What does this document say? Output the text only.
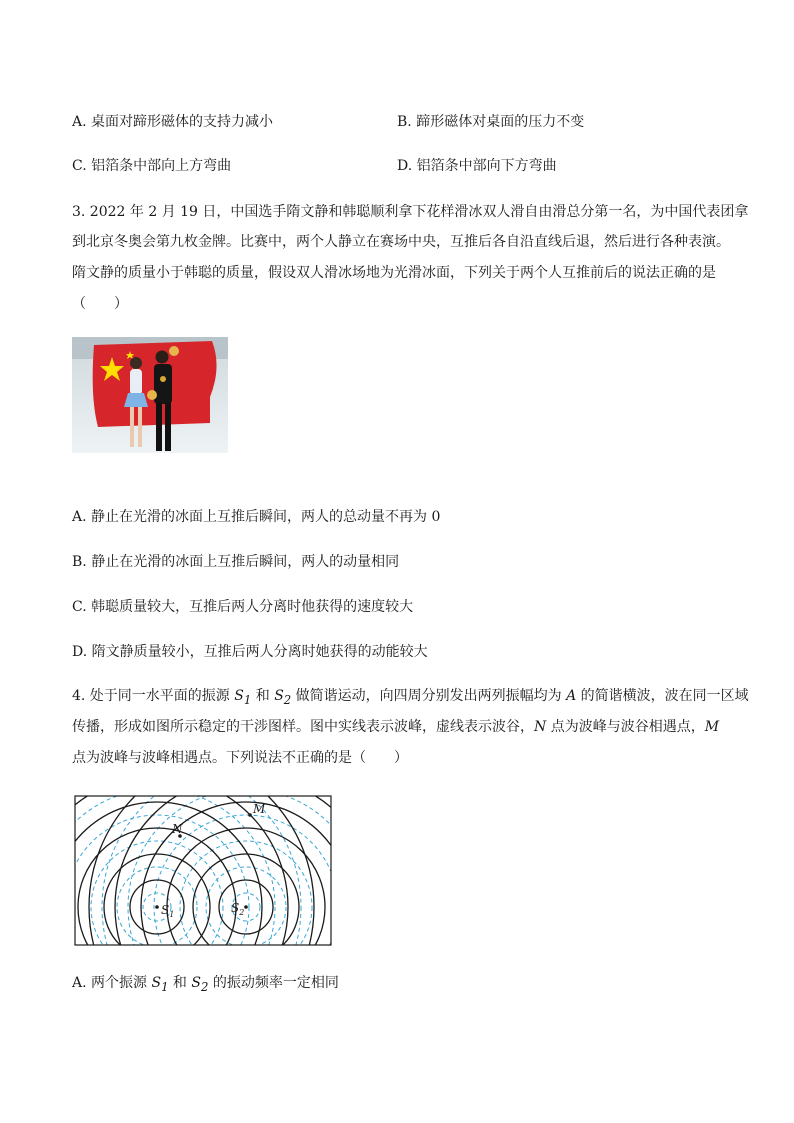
A. 桌面对蹄形磁体的支持力减小	B. 蹄形磁体对桌面的压力不变
C. 铝箔条中部向上方弯曲	D. 铝箔条中部向下方弯曲
3. 2022 年 2 月 19 日，中国选手隋文静和韩聪顺利拿下花样滑冰双人滑自由滑总分第一名，为中国代表团拿
到北京冬奥会第九枚金牌。比赛中，两个人静立在赛场中央，互推后各自沿直线后退，然后进行各种表演。
隋文静的质量小于韩聪的质量，假设双人滑冰场地为光滑冰面，下列关于两个人互推前后的说法正确的是
（　　）
A. 静止在光滑的冰面上互推后瞬间，两人的总动量不再为 0
B. 静止在光滑的冰面上互推后瞬间，两人的动量相同
C. 韩聪质量较大，互推后两人分离时他获得的速度较大
D. 隋文静质量较小，互推后两人分离时她获得的动能较大
4. 处于同一水平面的振源 $S_1$ 和 $S_2$ 做简谐运动，向四周分别发出两列振幅均为 A 的简谐横波，波在同一区域
传播，形成如图所示稳定的干涉图样。图中实线表示波峰，虚线表示波谷，N 点为波峰与波谷相遇点，M
点为波峰与波峰相遇点。下列说法不正确的是（　　）
M
N
$S_1$	$S_2$
A. 两个振源 $S_1$ 和 $S_2$ 的振动频率一定相同
